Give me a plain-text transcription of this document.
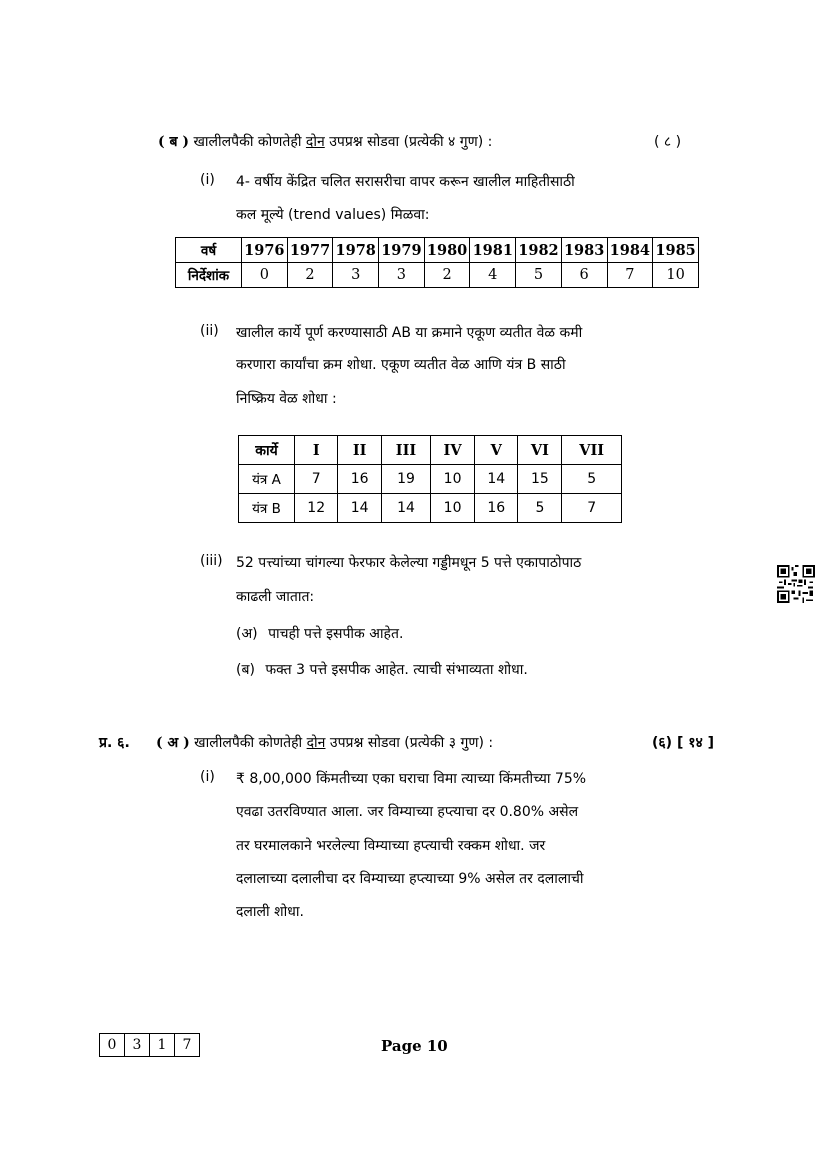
( ब ) खालीलपैकी कोणतेही दोन उपप्रश्न सोडवा (प्रत्येकी ४ गुण) :	( ८ )
(i) 4- वर्षीय केंद्रित चलित सरासरीचा वापर करून खालील माहितीसाठी
कल मूल्ये (trend values) मिळवा:
वर्ष	1976	1977	1978	1979	1980	1981	1982	1983	1984	1985
निर्देशांक	0	2	3	3	2	4	5	6	7	10
(ii) खालील कार्ये पूर्ण करण्यासाठी AB या क्रमाने एकूण व्यतीत वेळ कमी
करणारा कार्यांचा क्रम शोधा. एकूण व्यतीत वेळ आणि यंत्र B साठी
निष्क्रिय वेळ शोधा :
कार्ये	I	II	III	IV	V	VI	VII
यंत्र A	7	16	19	10	14	15	5
यंत्र B	12	14	14	10	16	5	7
(iii) 52 पत्त्यांच्या चांगल्या फेरफार केलेल्या गड्डीमधून 5 पत्ते एकापाठोपाठ
काढली जातात:
(अ) पाचही पत्ते इसपीक आहेत.
(ब) फक्त 3 पत्ते इसपीक आहेत. त्याची संभाव्यता शोधा.
प्र. ६. ( अ ) खालीलपैकी कोणतेही दोन उपप्रश्न सोडवा (प्रत्येकी ३ गुण) :	(६) [ १४ ]
(i) ₹ 8,00,000 किंमतीच्या एका घराचा विमा त्याच्या किंमतीच्या 75%
एवढा उतरविण्यात आला. जर विम्याच्या हप्त्याचा दर 0.80% असेल
तर घरमालकाने भरलेल्या विम्याच्या हप्त्याची रक्कम शोधा. जर
दलालाच्या दलालीचा दर विम्याच्या हप्त्याच्या 9% असेल तर दलालाची
दलाली शोधा.
0	3	1	7	Page 10
